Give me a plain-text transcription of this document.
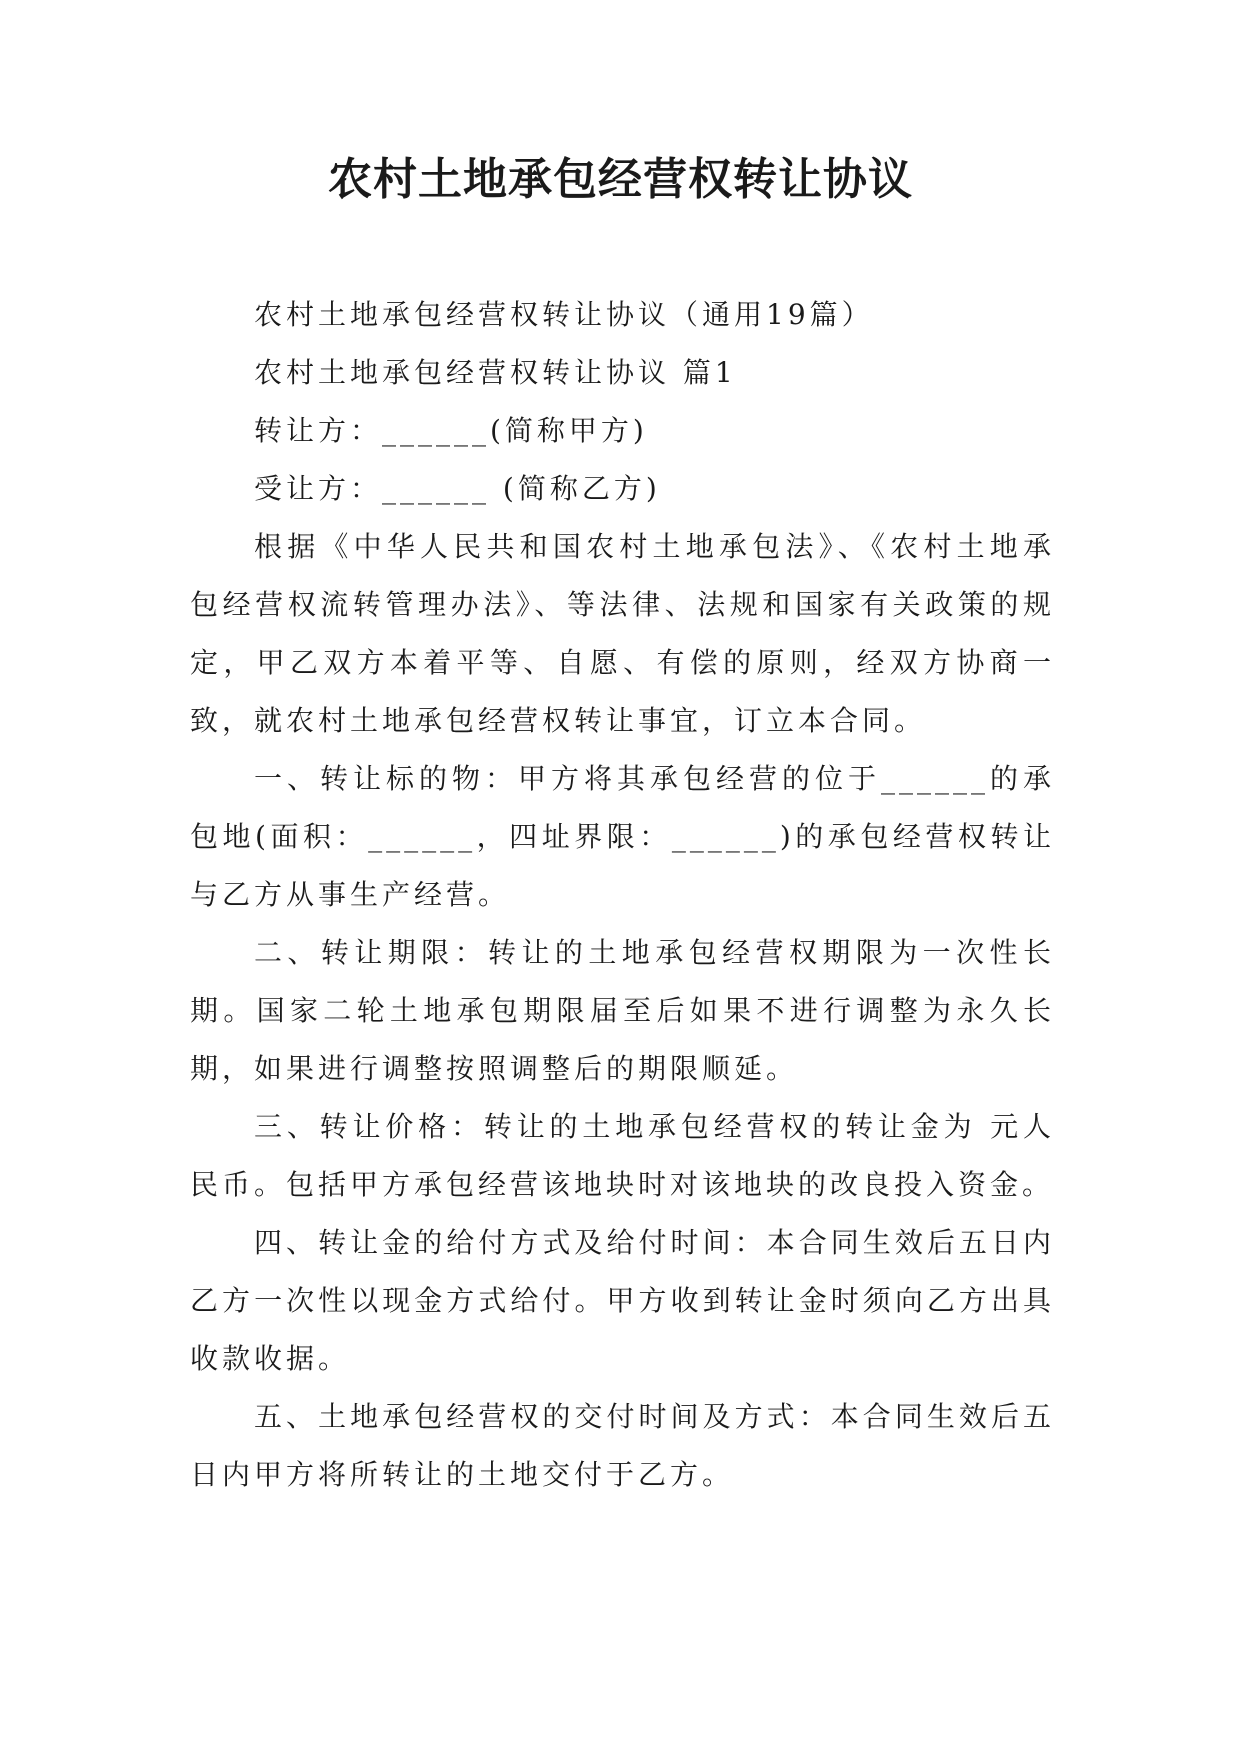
农村土地承包经营权转让协议

农村土地承包经营权转让协议（通用19篇）

农村土地承包经营权转让协议 篇1

转让方：______(简称甲方)

受让方：______ (简称乙方)

根据《中华人民共和国农村土地承包法》、《农村土地承包经营权流转管理办法》、等法律、法规和国家有关政策的规定，甲乙双方本着平等、自愿、有偿的原则，经双方协商一致，就农村土地承包经营权转让事宜，订立本合同。

一、转让标的物：甲方将其承包经营的位于______的承包地(面积：______，四址界限：______)的承包经营权转让与乙方从事生产经营。

二、转让期限：转让的土地承包经营权期限为一次性长期。国家二轮土地承包期限届至后如果不进行调整为永久长期，如果进行调整按照调整后的期限顺延。

三、转让价格：转让的土地承包经营权的转让金为 元人民币。包括甲方承包经营该地块时对该地块的改良投入资金。

四、转让金的给付方式及给付时间：本合同生效后五日内乙方一次性以现金方式给付。甲方收到转让金时须向乙方出具收款收据。

五、土地承包经营权的交付时间及方式：本合同生效后五日内甲方将所转让的土地交付于乙方。
